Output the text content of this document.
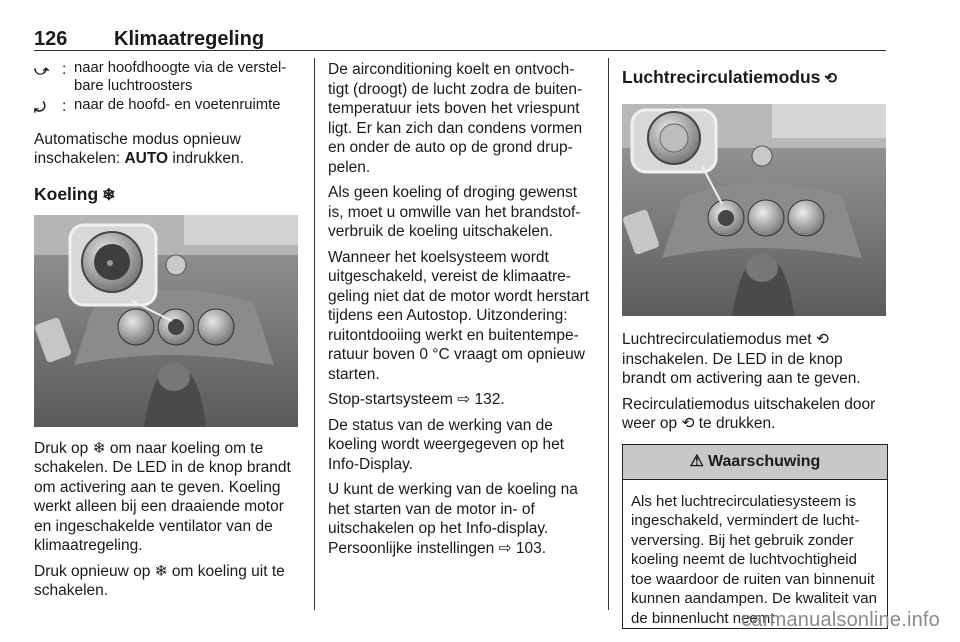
126 Klimaatregeling
⤻ : naar hoofdhoogte via de verstel-bare luchtroosters
⤾	: naar de hoofd- en voetenruimte

Automatische modus opnieuw inschakelen: AUTO indrukken.

Koeling ❄

Druk op ❄ om naar koeling om te schakelen. De LED in de knop brandt om activering aan te geven. Koeling werkt alleen bij een draaiende motor en ingeschakelde ventilator van de klimaatregeling.

Druk opnieuw op ❄ om koeling uit te schakelen.

De airconditioning koelt en ontvoch-tigt (droogt) de lucht zodra de buiten-temperatuur iets boven het vriespunt ligt. Er kan zich dan condens vormen en onder de auto op de grond drup-pelen.

Als geen koeling of droging gewenst is, moet u omwille van het brandstof-verbruik de koeling uitschakelen.

Wanneer het koelsysteem wordt uitgeschakeld, vereist de klimaatre-geling niet dat de motor wordt herstart tijdens een Autostop. Uitzondering: ruitontdooiing werkt en buitentempe-ratuur boven 0 °C vraagt om opnieuw starten.

Stop-startsysteem ⇨ 132.

De status van de werking van de koeling wordt weergegeven op het Info-Display.

U kunt de werking van de koeling na het starten van de motor in- of uitschakelen op het Info-display. Persoonlijke instellingen ⇨ 103.

Luchtrecirculatiemodus ⟲

Luchtrecirculatiemodus met ⟲ inschakelen. De LED in de knop brandt om activering aan te geven.

Recirculatiemodus uitschakelen door weer op ⟲ te drukken.

⚠ Waarschuwing
Als het luchtrecirculatiesysteem is ingeschakeld, vermindert de lucht-verversing. Bij het gebruik zonder koeling neemt de luchtvochtigheid toe waardoor de ruiten van binnenuit kunnen aandampen. De kwaliteit van de binnenlucht neemt
carmanualsonline.info
